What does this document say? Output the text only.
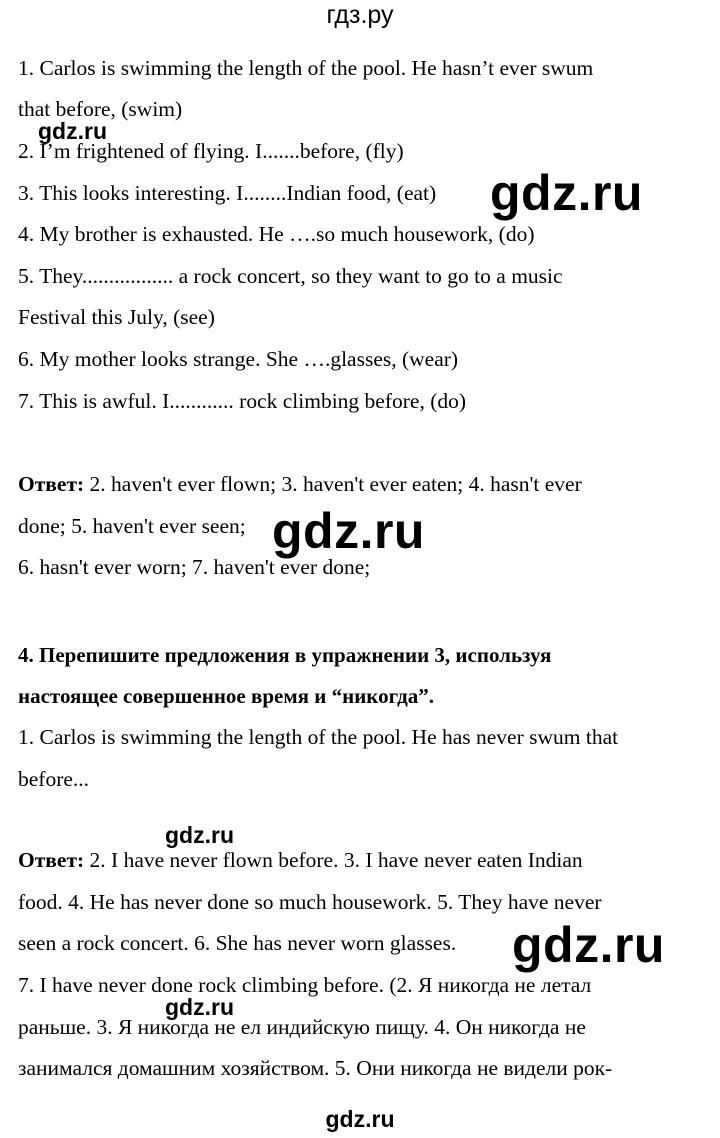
гдз.ру

1. Carlos is swimming the length of the pool. He hasn’t ever swum

that before, (swim)

2. I’m frightened of flying. I.......before, (fly)

3. This looks interesting. I........Indian food, (eat)

4. My brother is exhausted. He ….so much housework, (do)

5. They................. a rock concert, so they want to go to a music

Festival this July, (see)

6. My mother looks strange. She ….glasses, (wear)

7. This is awful. I............ rock climbing before, (do)

Ответ: 2. haven't ever flown; 3. haven't ever eaten; 4. hasn't ever

done; 5. haven't ever seen;

6. hasn't ever worn; 7. haven't ever done;

4. Перепишите предложения в упражнении 3, используя

настоящее совершенное время и “никогда”.

1. Carlos is swimming the length of the pool. He has never swum that

before...

Ответ: 2. I have never flown before. 3. I have never eaten Indian

food. 4. He has never done so much housework. 5. They have never

seen a rock concert. 6. She has never worn glasses.

7. I have never done rock climbing before. (2. Я никогда не летал

раньше. 3. Я никогда не ел индийскую пищу. 4. Он никогда не

занимался домашним хозяйством. 5. Они никогда не видели рок-

gdz.ru
gdz.ru
gdz.ru
gdz.ru
gdz.ru
gdz.ru
gdz.ru
